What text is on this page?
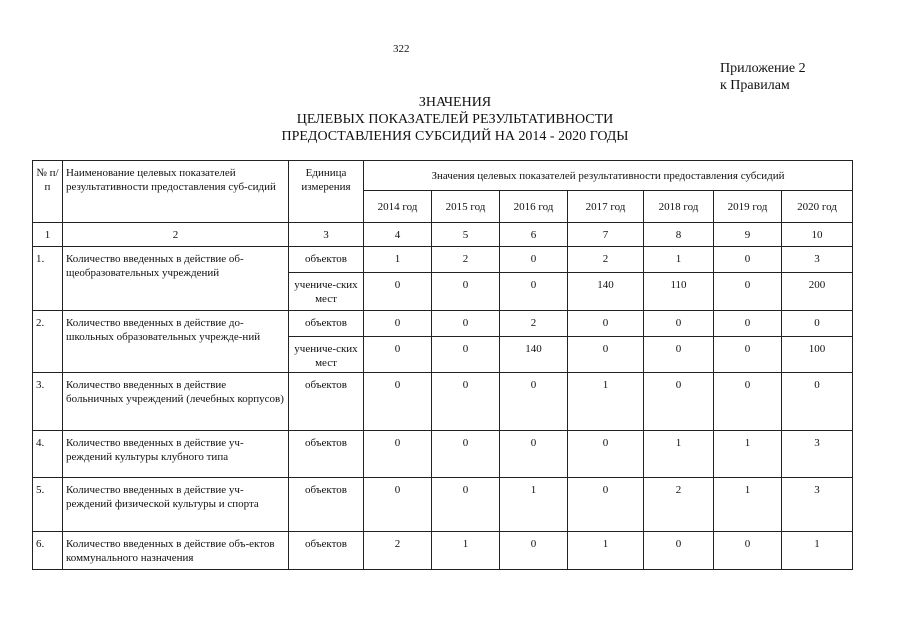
322
Приложение 2
к Правилам
ЗНАЧЕНИЯ
ЦЕЛЕВЫХ ПОКАЗАТЕЛЕЙ РЕЗУЛЬТАТИВНОСТИ
ПРЕДОСТАВЛЕНИЯ СУБСИДИЙ НА 2014 - 2020 ГОДЫ
№ п/п	Наименование целевых показателей результативности предоставления суб-сидий	Единица измерения	Значения целевых показателей результативности предоставления субсидий						
			2014 год	2015 год	2016 год	2017 год	2018 год	2019 год	2020 год
1	2	3	4	5	6	7	8	9	10
1.	Количество введенных в действие об-щеобразовательных учреждений	объектов	1	2	0	2	1	0	3
		учениче-ских мест	0	0	0	140	110	0	200
2.	Количество введенных в действие до-школьных образовательных учрежде-ний	объектов	0	0	2	0	0	0	0
		учениче-ских мест	0	0	140	0	0	0	100
3.	Количество введенных в действие больничных учреждений (лечебных корпусов)	объектов	0	0	0	1	0	0	0
4.	Количество введенных в действие уч-реждений культуры клубного типа	объектов	0	0	0	0	1	1	3
5.	Количество введенных в действие уч-реждений физической культуры и спорта	объектов	0	0	1	0	2	1	3
6.	Количество введенных в действие объ-ектов коммунального назначения	объектов	2	1	0	1	0	0	1
